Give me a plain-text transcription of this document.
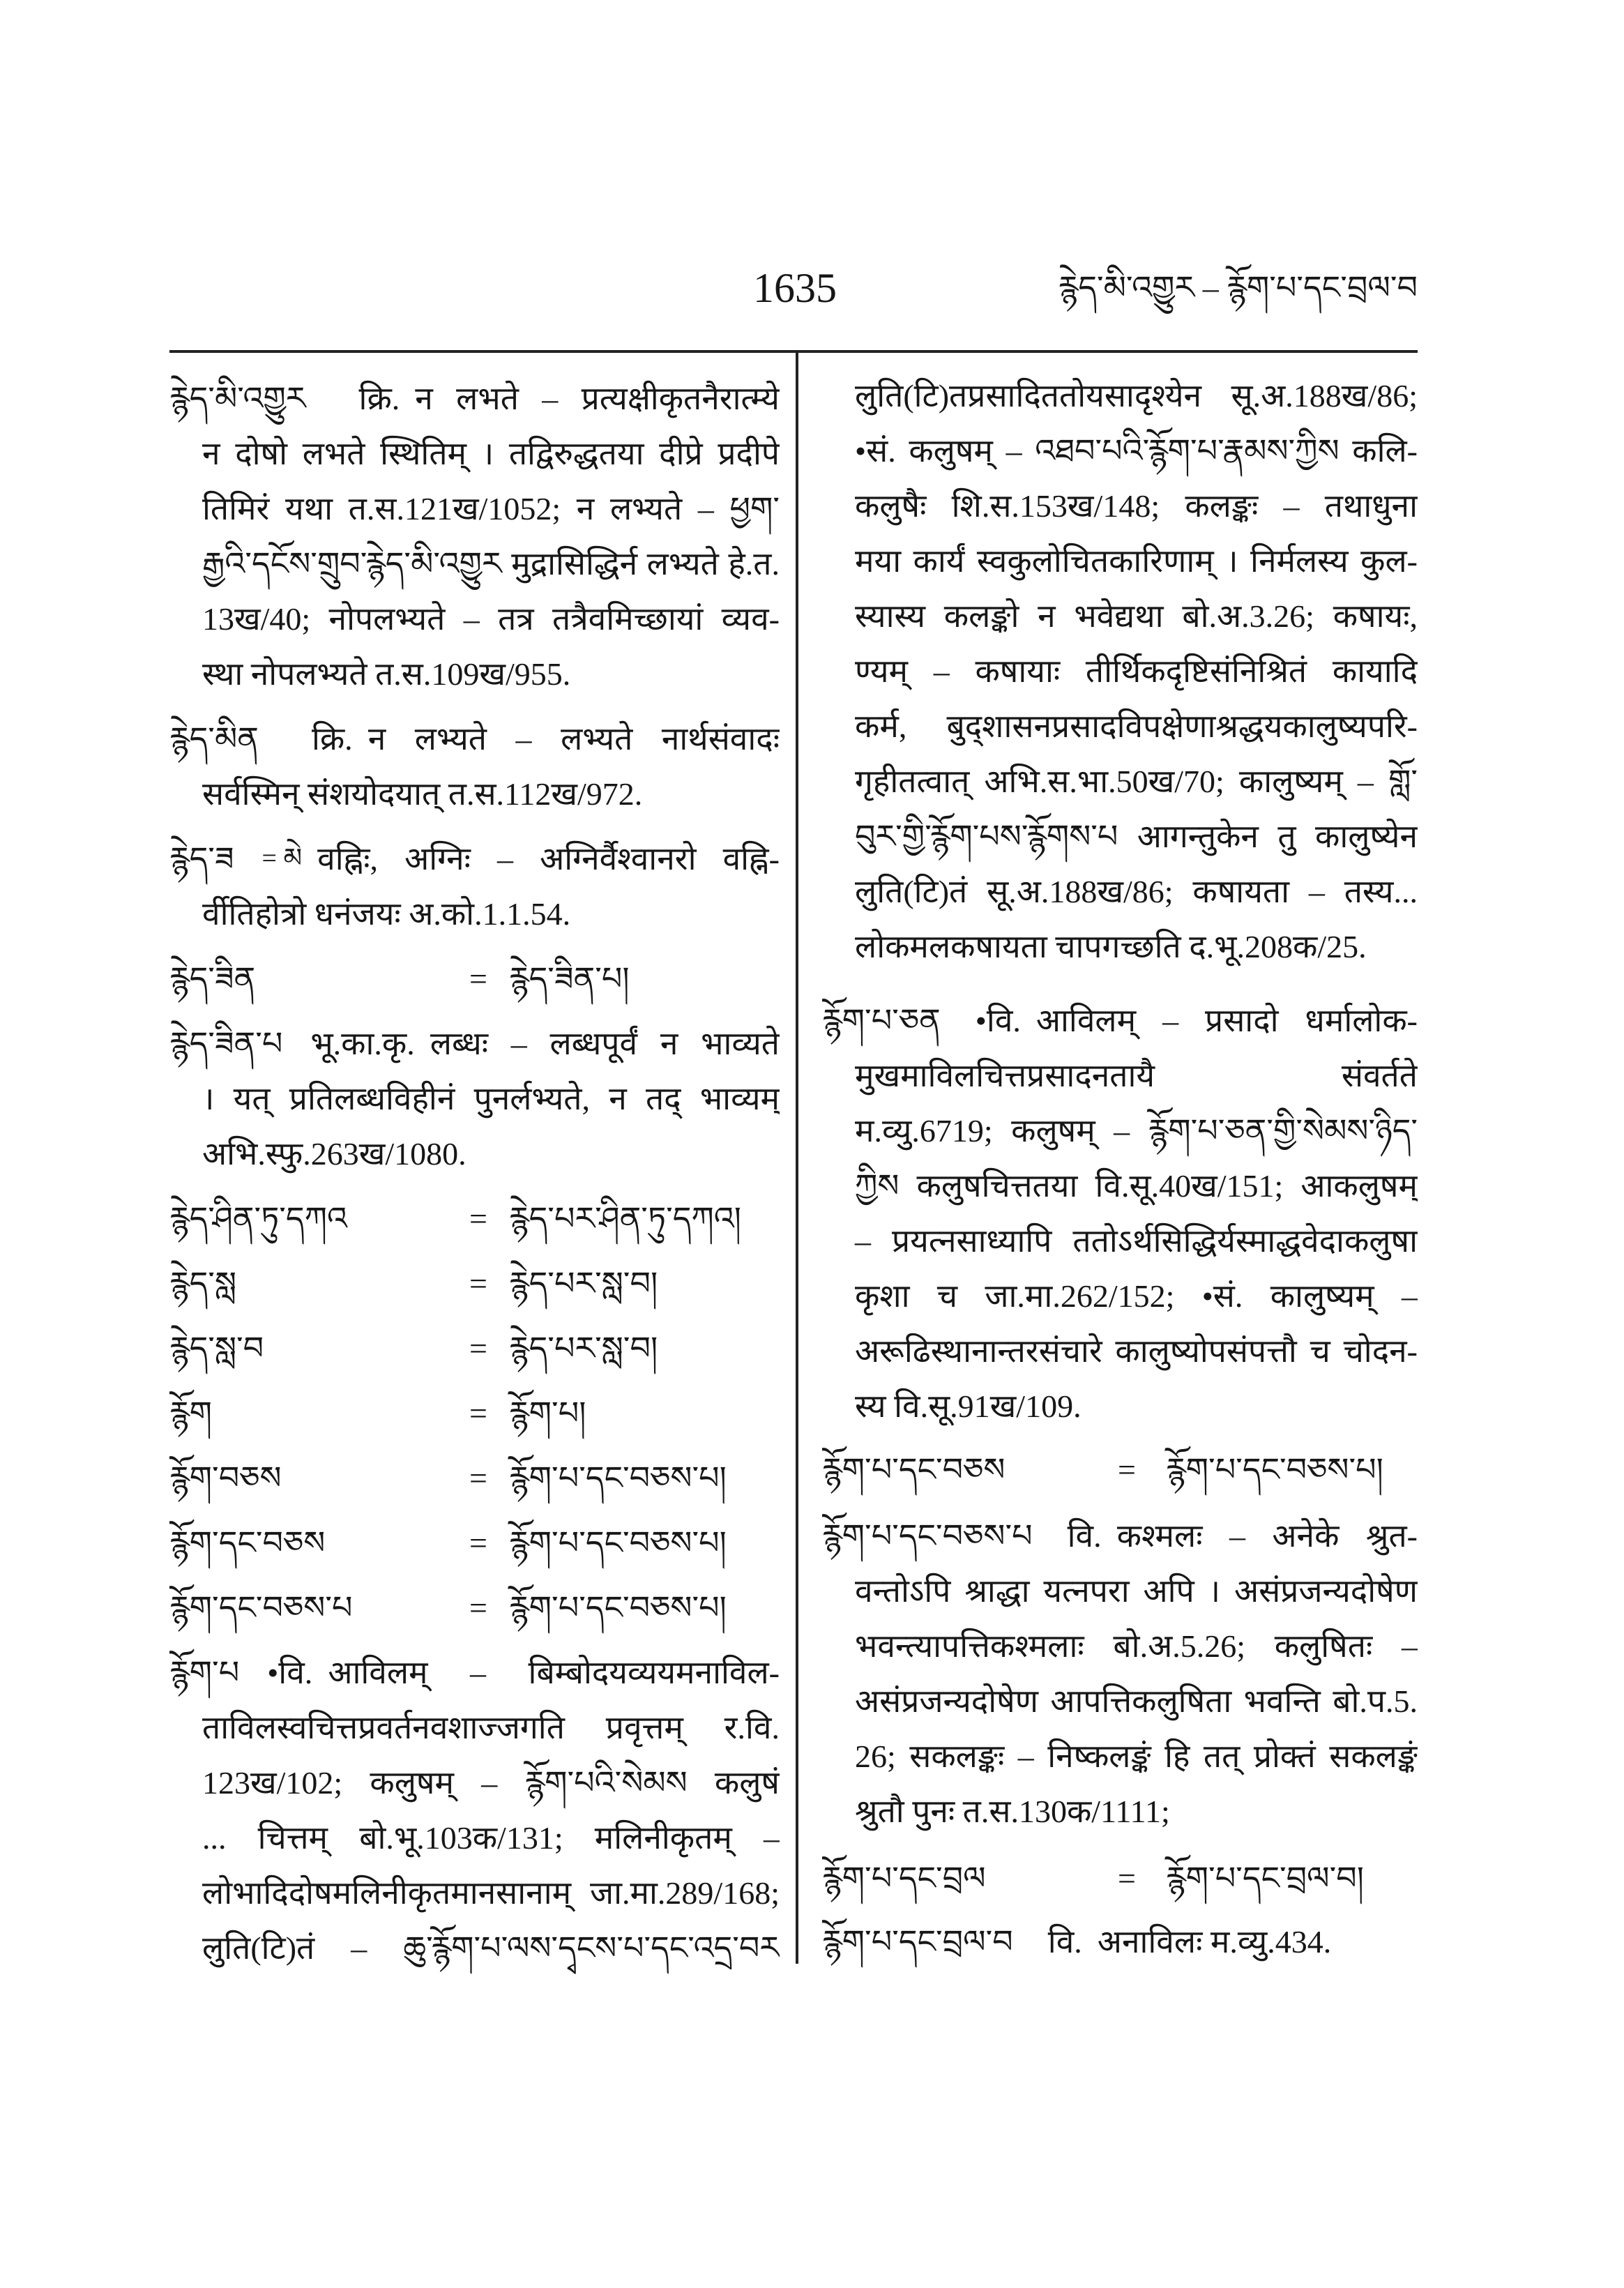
1635	རྙེད་མི་འགྱུར – རྙོག་པ་དང་བྲལ་བ
རྙེད་མི་འགྱུར क्रि. न लभते – प्रत्यक्षीकृतनैरात्म्ये
न दोषो लभते स्थितिम् । तद्विरुद्धतया दीप्रे प्रदीपे
तिमिरं यथा त.स.121ख/1052; न लभ्यते – ཕྱག་
རྒྱའི་དངོས་གྲུབ་རྙེད་མི་འགྱུར मुद्रासिद्धिर्न लभ्यते हे.त.
13ख/40; नोपलभ्यते – तत्र तत्रैवमिच्छायां व्यव-
स्था नोपलभ्यते त.स.109ख/955.
རྙེད་མིན क्रि. न लभ्यते – लभ्यते नार्थसंवादः
सर्वस्मिन् संशयोदयात् त.स.112ख/972.
རྙེད་ཟ = མེ वह्निः, अग्निः – अग्निर्वैश्वानरो वह्नि-
र्वीतिहोत्रो धनंजयः अ.को.1.1.54.
རྙེད་ཟིན	= རྙེད་ཟིན་པ།
རྙེད་ཟིན་པ भू.का.कृ. लब्धः – लब्धपूर्वं न भाव्यते
। यत् प्रतिलब्धविहीनं पुनर्लभ्यते, न तद् भाव्यम्
अभि.स्फु.263ख/1080.
རྙེད་ཤིན་ཏུ་དཀའ	= རྙེད་པར་ཤིན་ཏུ་དཀའ།
རྙེད་སླ	= རྙེད་པར་སླ་བ།
རྙེད་སླ་བ	= རྙེད་པར་སླ་བ།
རྙོག	= རྙོག་པ།
རྙོག་བཅས	= རྙོག་པ་དང་བཅས་པ།
རྙོག་དང་བཅས	= རྙོག་པ་དང་བཅས་པ།
རྙོག་དང་བཅས་པ	= རྙོག་པ་དང་བཅས་པ།
རྙོག་པ •वि. आविलम् – बिम्बोदयव्ययमनाविल-
ताविलस्वचित्तप्रवर्तनवशाज्जगति प्रवृत्तम् र.वि.
123ख/102; कलुषम् – རྙོག་པའི་སེམས कलुषं
... चित्तम् बो.भू.103क/131; मलिनीकृतम् –
लोभादिदोषमलिनीकृतमानसानाम् जा.मा.289/168;
लुति(टि)तं – ཆུ་རྙོག་པ་ལས་དྭངས་པ་དང་འདྲ་བར
लुति(टि)तप्रसादिततोयसादृश्येन सू.अ.188ख/86;
•सं. कलुषम् – འཐབ་པའི་རྙོག་པ་རྣམས་ཀྱིས कलि-
कलुषैः शि.स.153ख/148; कलङ्कः – तथाधुना
मया कार्यं स्वकुलोचितकारिणाम् । निर्मलस्य कुल-
स्यास्य कलङ्को न भवेद्यथा बो.अ.3.26; कषायः,
ण्यम् – कषायाः तीर्थिकदृष्टिसंनिश्रितं कायादि
कर्म, बुद्शासनप्रसादविपक्षेणाश्रद्धयकालुष्यपरि-
गृहीतत्वात् अभि.स.भा.50ख/70; कालुष्यम् – གློ་
བུར་གྱི་རྙོག་པས་རྙོགས་པ आगन्तुकेन तु कालुष्येन
लुति(टि)तं सू.अ.188ख/86; कषायता – तस्य...
लोकमलकषायता चापगच्छति द.भू.208क/25.
རྙོག་པ་ཅན •वि. आविलम् – प्रसादो धर्मालोक-
मुखमाविलचित्तप्रसादनतायै संवर्तते
म.व्यु.6719; कलुषम् – རྙོག་པ་ཅན་གྱི་སེམས་ཉིད་
ཀྱིས कलुषचित्ततया वि.सू.40ख/151; आकलुषम्
– प्रयत्नसाध्यापि ततोऽर्थसिद्धिर्यस्माद्धवेदाकलुषा
कृशा च जा.मा.262/152; •सं. कालुष्यम् –
अरूढिस्थानान्तरसंचारे कालुष्योपसंपत्तौ च चोदन-
स्य वि.सू.91ख/109.
རྙོག་པ་དང་བཅས	= རྙོག་པ་དང་བཅས་པ།
རྙོག་པ་དང་བཅས་པ वि. कश्मलः – अनेके श्रुत-
वन्तोऽपि श्राद्धा यत्नपरा अपि । असंप्रजन्यदोषेण
भवन्त्यापत्तिकश्मलाः बो.अ.5.26; कलुषितः –
असंप्रजन्यदोषेण आपत्तिकलुषिता भवन्ति बो.प.5.
26; सकलङ्कः – निष्कलङ्कं हि तत् प्रोक्तं सकलङ्कं
श्रुतौ पुनः त.स.130क/1111;
རྙོག་པ་དང་བྲལ	= རྙོག་པ་དང་བྲལ་བ།
རྙོག་པ་དང་བྲལ་བ वि. अनाविलः म.व्यु.434.
